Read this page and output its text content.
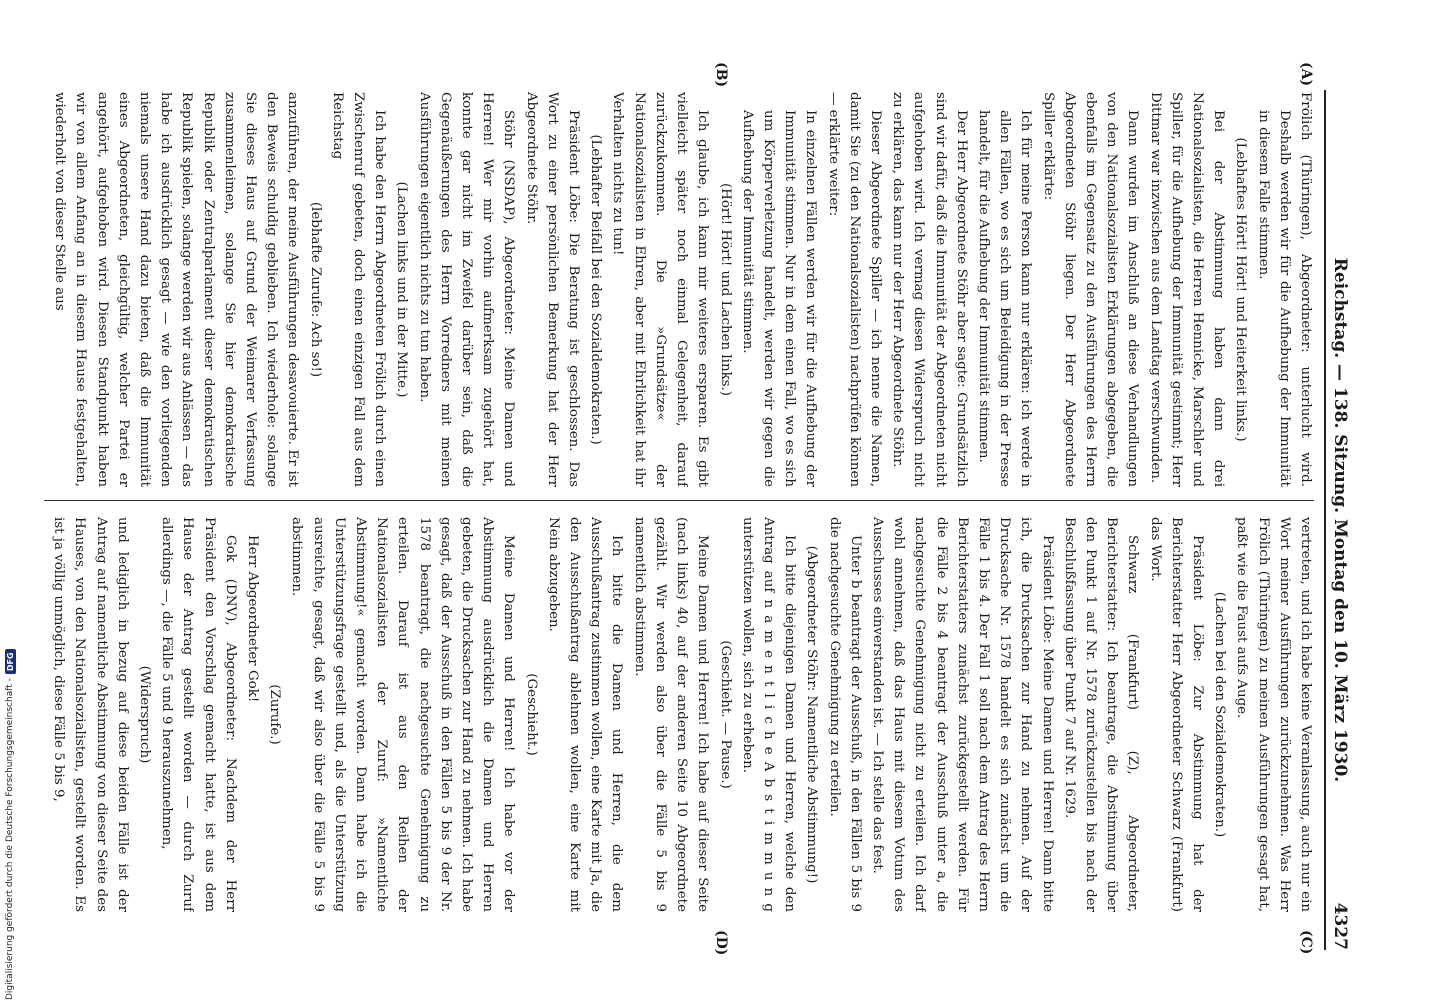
Reichstag. — 138. Sitzung. Montag den 10. März 1930.
4327
(A)
(B)
(C)
(D)

Frölich (Thüringen), Abgeordneter: unterlucht wird. Deshalb werden wir für die Aufhebung der Immunität in diesem Falle stimmen.

(Lebhaftes Hört! Hört! und Heiterkeit links.)

Bei der Abstimmung haben dann drei Nationalsozialisten, die Herren Hennicke, Marschler und Spiller, für die Aufhebung der Immunität gestimmt; Herr Dittmar war inzwischen aus dem Landtag verschwunden.

Dann wurden im Anschluß an diese Verhandlungen von den Nationalsozialisten Erklärungen abgegeben, die ebenfalls im Gegensatz zu den Ausführungen des Herrn Abgeordneten Stöhr liegen. Der Herr Abgeordnete Spiller erklärte:

Ich für meine Person kann nur erklären: ich werde in allen Fällen, wo es sich um Beleidigung in der Presse handelt, für die Aufhebung der Immunität stimmen.

Der Herr Abgeordnete Stöhr aber sagte: Grundsätzlich sind wir dafür, daß die Immunität der Abgeordneten nicht aufgehoben wird. Ich vermag diesen Widerspruch nicht zu erklären, das kann nur der Herr Abgeordnete Stöhr.

Dieser Abgeordnete Spiller — ich nenne die Namen, damit Sie (zu den Nationalsozialisten) nachprüfen können — erklärte weiter:

In einzelnen Fällen werden wir für die Aufhebung der Immunität stimmen. Nur in dem einen Fall, wo es sich um Körperverletzung handelt, werden wir gegen die Aufhebung der Immunität stimmen.

(Hört! Hört! und Lachen links.)

Ich glaube, ich kann mir weiteres ersparen. Es gibt vielleicht später noch einmal Gelegenheit, darauf zurückzukommen. Die »Grundsätze« der Nationalsozialisten in Ehren, aber mit Ehrlichkeit hat ihr Verhalten nichts zu tun!

(Lebhafter Beifall bei den Sozialdemokraten.)

Präsident Löbe: Die Beratung ist geschlossen. Das Wort zu einer persönlichen Bemerkung hat der Herr Abgeordnete Stöhr.

Stöhr (NSDAP), Abgeordneter: Meine Damen und Herren! Wer mir vorhin aufmerksam zugehört hat, konnte gar nicht im Zweifel darüber sein, daß die Gegenäußerungen des Herrn Vorredners mit meinen Ausführungen eigentlich nichts zu tun haben.

(Lachen links und in der Mitte.)

Ich habe den Herrn Abgeordneten Frölich durch einen Zwischenruf gebeten, doch einen einzigen Fall aus dem Reichstag

(lebhafte Zurufe: Ach so!)

anzuführen, der meine Ausführungen desavouierte. Er ist den Beweis schuldig geblieben. Ich wiederhole: solange Sie dieses Haus auf Grund der Weimarer Verfassung zusammenleimen, solange Sie hier demokratische Republik oder Zentralparlament dieser demokratischen Republik spielen, solange werden wir aus Anlässen — das habe ich ausdrücklich gesagt — wie den vorliegenden niemals unsere Hand dazu bieten, daß die Immunität eines Abgeordneten, gleichgültig, welcher Partei er angehört, aufgehoben wird. Diesen Standpunkt haben wir von allem Anfang an in diesem Hause festgehalten, wiederholt von dieser Stelle aus

vertreten, und ich habe keine Veranlassung, auch nur ein Wort meiner Ausführungen zurückzunehmen. Was Herr Frölich (Thüringen) zu meinen Ausführungen gesagt hat, paßt wie die Faust aufs Auge.

(Lachen bei den Sozialdemokraten.)

Präsident Löbe: Zur Abstimmung hat der Berichterstatter Herr Abgeordneter Schwarz (Frankfurt) das Wort.

Schwarz (Frankfurt) (Z), Abgeordneter, Berichterstatter: Ich beantrage, die Abstimmung über den Punkt 1 auf Nr. 1578 zurückzustellen bis nach der Beschlußfassung über Punkt 7 auf Nr. 1629.

Präsident Löbe: Meine Damen und Herren! Dann bitte ich, die Drucksachen zur Hand zu nehmen. Auf der Drucksache Nr. 1578 handelt es sich zunächst um die Fälle 1 bis 4. Der Fall 1 soll nach dem Antrag des Herrn Berichterstatters zunächst zurückgestellt werden. Für die Fälle 2 bis 4 beantragt der Ausschuß unter a, die nachgesuchte Genehmigung nicht zu erteilen. Ich darf wohl annehmen, daß das Haus mit diesem Votum des Ausschusses einverstanden ist. — Ich stelle das fest.

Unter b beantragt der Ausschuß, in den Fällen 5 bis 9 die nachgesuchte Genehmigung zu erteilen.

(Abgeordneter Stöhr: Namentliche Abstimmung!)

Ich bitte diejenigen Damen und Herren, welche den Antrag auf n a m e n t l i c h e A b s t i m m u n g unterstützen wollen, sich zu erheben.

(Geschieht. — Pause.)

Meine Damen und Herren! Ich habe auf dieser Seite (nach links) 40, auf der anderen Seite 10 Abgeordnete gezählt. Wir werden also über die Fälle 5 bis 9 namentlich abstimmen.

Ich bitte die Damen und Herren, die dem Ausschußantrag zustimmen wollen, eine Karte mit Ja, die den Ausschußantrag ablehnen wollen, eine Karte mit Nein abzugeben.

(Geschieht.)

Meine Damen und Herren! Ich habe vor der Abstimmung ausdrücklich die Damen und Herren gebeten, die Drucksachen zur Hand zu nehmen. Ich habe gesagt, daß der Ausschuß in den Fällen 5 bis 9 der Nr. 1578 beantragt, die nachgesuchte Genehmigung zu erteilen. Darauf ist aus den Reihen der Nationalsozialisten der Zuruf: »Namentliche Abstimmung!« gemacht worden. Dann habe ich die Unterstützungsfrage gestellt und, als die Unterstützung ausreichte, gesagt, daß wir also über die Fälle 5 bis 9 abstimmen.

(Zurufe.)

Herr Abgeordneter Gok!

Gok (DNV), Abgeordneter: Nachdem der Herr Präsident den Vorschlag gemacht hatte, ist aus dem Hause der Antrag gestellt worden — durch Zuruf allerdings —, die Fälle 5 und 9 herauszunehmen,

(Widerspruch)

und lediglich in bezug auf diese beiden Fälle ist der Antrag auf namentliche Abstimmung von dieser Seite des Hauses, von den Nationalsozialisten, gestellt worden. Es ist ja völlig unmöglich, diese Fälle 5 bis 9,

Digitalisierung gefördert durch die Deutsche Forschungsgemeinschaft -
DFG
